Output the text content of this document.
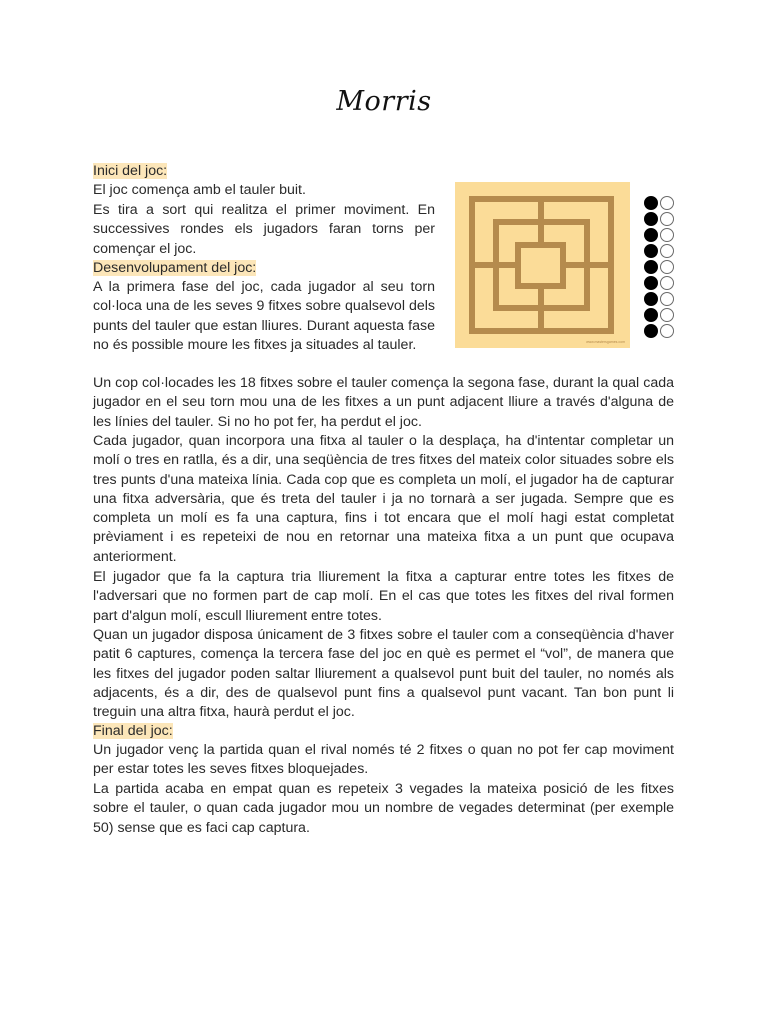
Morris

Inici del joc:

El joc comença amb el tauler buit.

Es tira a sort qui realitza el primer moviment. En successives rondes els jugadors faran torns per començar el joc.

Desenvolupament del joc:

A la primera fase del joc, cada jugador al seu torn col·loca una de les seves 9 fitxes sobre qualsevol dels punts del tauler que estan lliures. Durant aquesta fase no és possible moure les fitxes ja situades al tauler.

Un cop col·locades les 18 fitxes sobre el tauler comença la segona fase, durant la qual cada jugador en el seu torn mou una de les fitxes a un punt adjacent lliure a través d'alguna de les línies del tauler. Si no ho pot fer, ha perdut el joc.

Cada jugador, quan incorpora una fitxa al tauler o la desplaça, ha d'intentar completar un molí o tres en ratlla, és a dir, una seqüència de tres fitxes del mateix color situades sobre els tres punts d'una mateixa línia. Cada cop que es completa un molí, el jugador ha de capturar una fitxa adversària, que és treta del tauler i ja no tornarà a ser jugada. Sempre que es completa un molí es fa una captura, fins i tot encara que el molí hagi estat completat prèviament i es repeteixi de nou en retornar una mateixa fitxa a un punt que ocupava anteriorment.

El jugador que fa la captura tria lliurement la fitxa a capturar entre totes les fitxes de l'adversari que no formen part de cap molí. En el cas que totes les fitxes del rival formen part d'algun molí, escull lliurement entre totes.

Quan un jugador disposa únicament de 3 fitxes sobre el tauler com a conseqüència d'haver patit 6 captures, comença la tercera fase del joc en què es permet el “vol”, de manera que les fitxes del jugador poden saltar lliurement a qualsevol punt buit del tauler, no només als adjacents, és a dir, des de qualsevol punt fins a qualsevol punt vacant. Tan bon punt li treguin una altra fitxa, haurà perdut el joc.

Final del joc:

Un jugador venç la partida quan el rival només té 2 fitxes o quan no pot fer cap moviment per estar totes les seves fitxes bloquejades.

La partida acaba en empat quan es repeteix 3 vegades la mateixa posició de les fitxes sobre el tauler, o quan cada jugador mou un nombre de vegades determinat (per exemple 50) sense que es faci cap captura.

www.mastersgames.com
